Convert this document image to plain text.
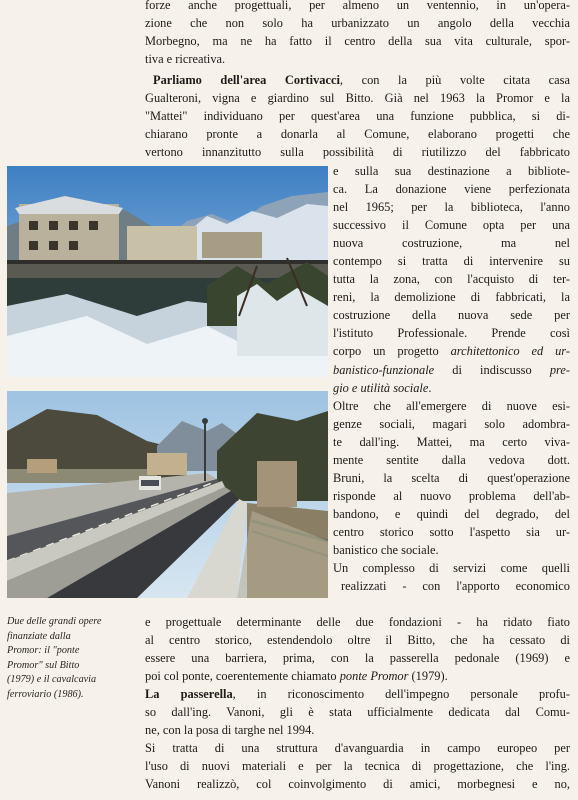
forze anche progettuali, per almeno un ventennio, in un'opera-
zione che non solo ha urbanizzato un angolo della vecchia
Morbegno, ma ne ha fatto il centro della sua vita culturale, spor-
tiva e ricreativa.
Parliamo dell'area Cortivacci, con la più volte citata casa
Gualteroni, vigna e giardino sul Bitto. Già nel 1963 la Promor e la
"Mattei" individuano per quest'area una funzione pubblica, si di-
chiarano pronte a donarla al Comune, elaborano progetti che
vertono innanzitutto sulla possibilità di riutilizzo del fabbricato
e sulla sua destinazione a bibliote-
ca. La donazione viene perfezionata
nel 1965; per la biblioteca, l'anno
successivo il Comune opta per una
nuova costruzione, ma nel
contempo si tratta di intervenire su
tutta la zona, con l'acquisto di ter-
reni, la demolizione di fabbricati, la
costruzione della nuova sede per
l'istituto Professionale. Prende così
corpo un progetto architettonico ed ur-
banistico-funzionale di indiscusso pre-
gio e utilità sociale.
Oltre che all'emergere di nuove esi-
genze sociali, magari solo adombra-
te dall'ing. Mattei, ma certo viva-
mente sentite dalla vedova dott.
Bruni, la scelta di quest'operazione
risponde al nuovo problema dell'ab-
bandono, e quindi del degrado, del
centro storico sotto l'aspetto sia ur-
banistico che sociale.
Un complesso di servizi come quelli
realizzati - con l'apporto economico
Due delle grandi opere
finanziate dalla
Promor: il "ponte
Promor" sul Bitto
(1979) e il cavalcavia
ferroviario (1986).
e progettuale determinante delle due fondazioni - ha ridato fiato
al centro storico, estendendolo oltre il Bitto, che ha cessato di
essere una barriera, prima, con la passerella pedonale (1969) e
poi col ponte, coerentemente chiamato ponte Promor (1979).
La passerella, in riconoscimento dell'impegno personale profu-
so dall'ing. Vanoni, gli è stata ufficialmente dedicata dal Comu-
ne, con la posa di targhe nel 1994.
Si tratta di una struttura d'avanguardia in campo europeo per
l'uso di nuovi materiali e per la tecnica di progettazione, che l'ing.
Vanoni realizzò, col coinvolgimento di amici, morbegnesi e no,
